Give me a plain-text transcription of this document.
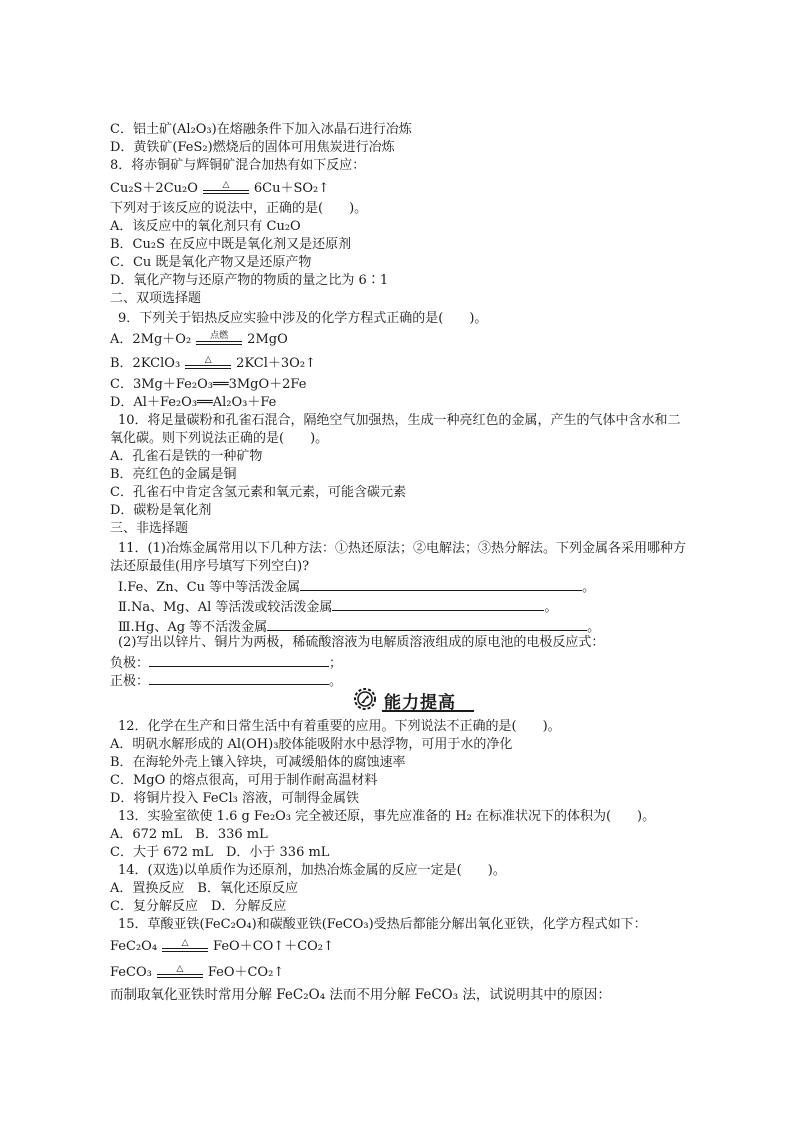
C．铝土矿(Al₂O₃)在熔融条件下加入冰晶石进行冶炼
D．黄铁矿(FeS₂)燃烧后的固体可用焦炭进行冶炼
8．将赤铜矿与辉铜矿混合加热有如下反应：
Cu₂S＋2Cu₂O	△	6Cu＋SO₂↑
下列对于该反应的说法中，正确的是(　　)。
A．该反应中的氧化剂只有 Cu₂O
B．Cu₂S 在反应中既是氧化剂又是还原剂
C．Cu 既是氧化产物又是还原产物
D．氧化产物与还原产物的物质的量之比为 6∶1
二、双项选择题
9．下列关于铝热反应实验中涉及的化学方程式正确的是(　　)。
A．2Mg＋O₂	点燃	2MgO
B．2KClO₃	△	2KCl＋3O₂↑
C．3Mg＋Fe₂O₃══3MgO＋2Fe
D．Al＋Fe₂O₃══Al₂O₃＋Fe
10．将足量碳粉和孔雀石混合，隔绝空气加强热，生成一种亮红色的金属，产生的气体中含水和二
氧化碳。则下列说法正确的是(　　)。
A．孔雀石是铁的一种矿物
B．亮红色的金属是铜
C．孔雀石中肯定含氢元素和氧元素，可能含碳元素
D．碳粉是氧化剂
三、非选择题
11．(1)冶炼金属常用以下几种方法：①热还原法；②电解法；③热分解法。下列金属各采用哪种方
法还原最佳(用序号填写下列空白)?
Ⅰ.Fe、Zn、Cu 等中等活泼金属	。
Ⅱ.Na、Mg、Al 等活泼或较活泼金属	。
Ⅲ.Hg、Ag 等不活泼金属	。
(2)写出以锌片、铜片为两极，稀硫酸溶液为电解质溶液组成的原电池的电极反应式：
负极：	；
正极：	。
能力提高
12．化学在生产和日常生活中有着重要的应用。下列说法不正确的是(　　)。
A．明矾水解形成的 Al(OH)₃胶体能吸附水中悬浮物，可用于水的净化
B．在海轮外壳上镶入锌块，可减缓船体的腐蚀速率
C．MgO 的熔点很高，可用于制作耐高温材料
D．将铜片投入 FeCl₃ 溶液，可制得金属铁
13．实验室欲使 1.6 g Fe₂O₃ 完全被还原，事先应准备的 H₂ 在标准状况下的体积为(　　)。
A．672 mL　B．336 mL
C．大于 672 mL　D．小于 336 mL
14．(双选)以单质作为还原剂，加热冶炼金属的反应一定是(　　)。
A．置换反应　B．氧化还原反应
C．复分解反应　D．分解反应
15．草酸亚铁(FeC₂O₄)和碳酸亚铁(FeCO₃)受热后都能分解出氧化亚铁，化学方程式如下：
FeC₂O₄	△	FeO＋CO↑＋CO₂↑
FeCO₃	△	FeO＋CO₂↑
而制取氧化亚铁时常用分解 FeC₂O₄ 法而不用分解 FeCO₃ 法，试说明其中的原因：
